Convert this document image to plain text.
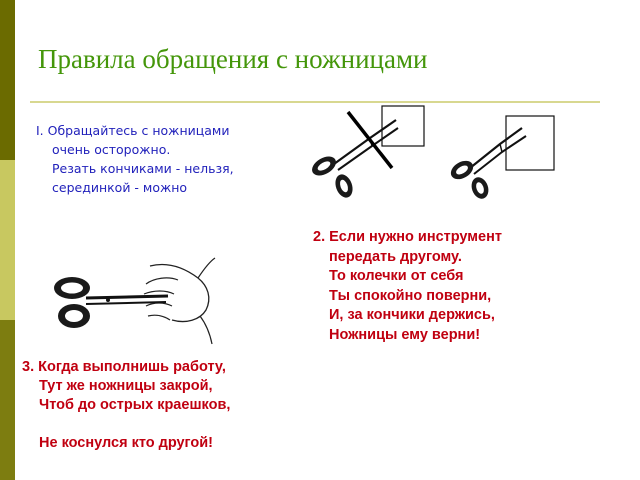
Правила обращения с ножницами
I. Обращайтесь с ножницами
очень осторожно.
Резать кончиками - нельзя,
серединкой - можно
2. Если нужно инструмент
передать другому.
То колечки от себя
Ты спокойно поверни,
И, за кончики держись,
Ножницы ему верни!
3. Когда выполнишь работу,
Тут же ножницы закрой,
Чтоб до острых краешков,
Не коснулся кто другой!
